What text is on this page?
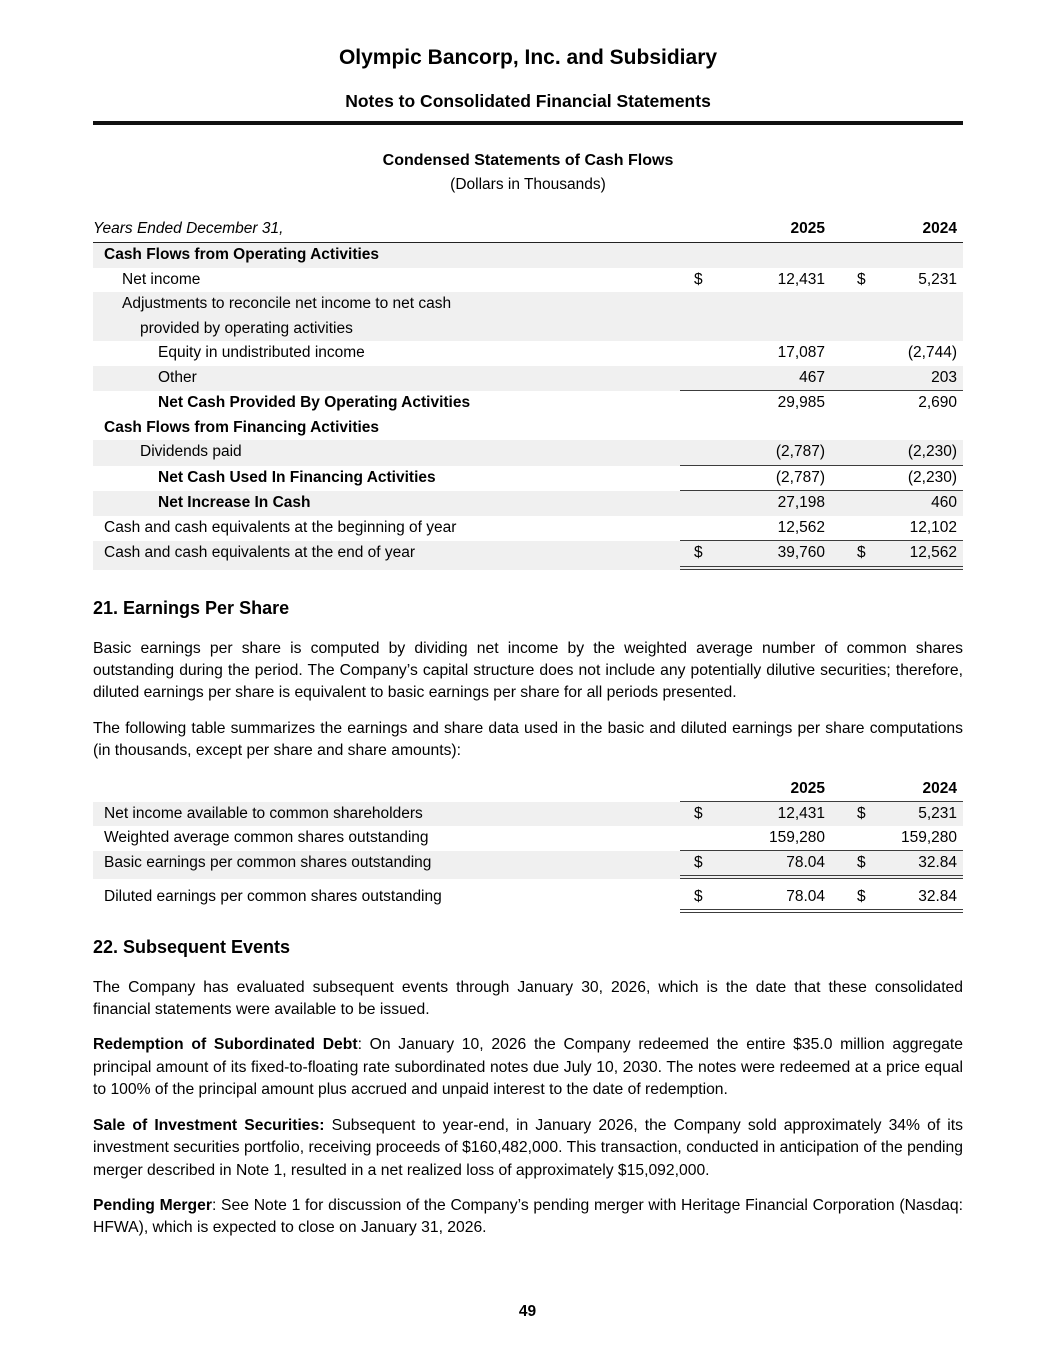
Olympic Bancorp, Inc. and Subsidiary
Notes to Consolidated Financial Statements
Condensed Statements of Cash Flows
(Dollars in Thousands)
Years Ended December 31,	2025	2024
Cash Flows from Operating Activities
Net income	$	12,431	$	5,231
Adjustments to reconcile net income to net cash
provided by operating activities
Equity in undistributed income	17,087	(2,744)
Other	467	203
Net Cash Provided By Operating Activities	29,985	2,690
Cash Flows from Financing Activities
Dividends paid	(2,787)	(2,230)
Net Cash Used In Financing Activities	(2,787)	(2,230)
Net Increase In Cash	27,198	460
Cash and cash equivalents at the beginning of year	12,562	12,102
Cash and cash equivalents at the end of year	$	39,760	$	12,562
21. Earnings Per Share

Basic earnings per share is computed by dividing net income by the weighted average number of common shares outstanding during the period. The Company’s capital structure does not include any potentially dilutive securities; therefore, diluted earnings per share is equivalent to basic earnings per share for all periods presented.

The following table summarizes the earnings and share data used in the basic and diluted earnings per share computations (in thousands, except per share and share amounts):

2025	2024
Net income available to common shareholders	$	12,431	$	5,231
Weighted average common shares outstanding	159,280	159,280
Basic earnings per common shares outstanding	$	78.04	$	32.84
Diluted earnings per common shares outstanding	$	78.04	$	32.84
22. Subsequent Events

The Company has evaluated subsequent events through January 30, 2026, which is the date that these consolidated financial statements were available to be issued.

Redemption of Subordinated Debt: On January 10, 2026 the Company redeemed the entire $35.0 million aggregate principal amount of its fixed-to-floating rate subordinated notes due July 10, 2030. The notes were redeemed at a price equal to 100% of the principal amount plus accrued and unpaid interest to the date of redemption.

Sale of Investment Securities: Subsequent to year-end, in January 2026, the Company sold approximately 34% of its investment securities portfolio, receiving proceeds of $160,482,000. This transaction, conducted in anticipation of the pending merger described in Note 1, resulted in a net realized loss of approximately $15,092,000.

Pending Merger: See Note 1 for discussion of the Company’s pending merger with Heritage Financial Corporation (Nasdaq: HFWA), which is expected to close on January 31, 2026.

49
